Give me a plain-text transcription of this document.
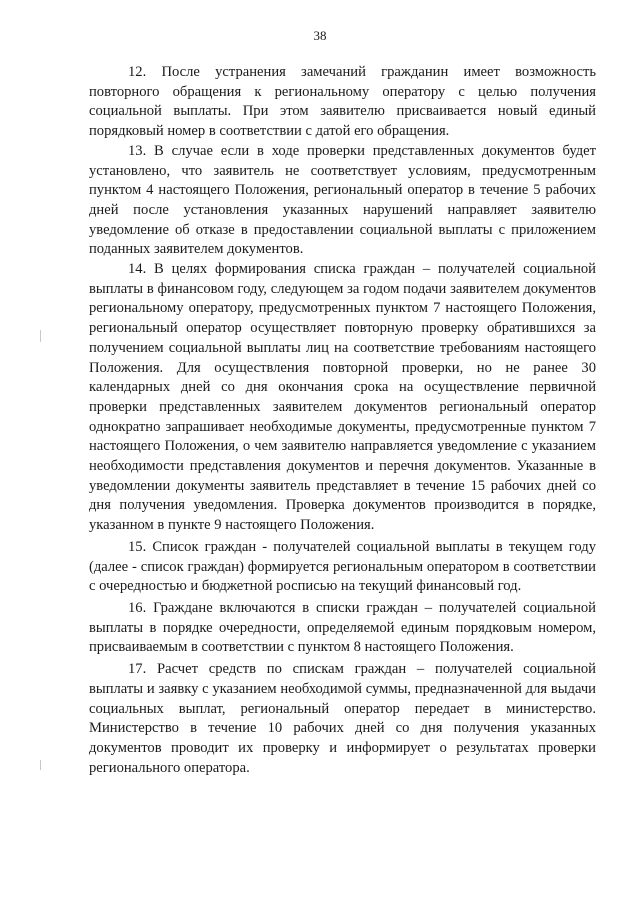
38

12. После устранения замечаний гражданин имеет возможность повторного обращения к региональному оператору с целью получения социальной выплаты. При этом заявителю присваивается новый единый порядковый номер в соответствии с датой его обращения.

13. В случае если в ходе проверки представленных документов будет установлено, что заявитель не соответствует условиям, предусмотренным пунктом 4 настоящего Положения, региональный оператор в течение 5 рабочих дней после установления указанных нарушений направляет заявителю уведомление об отказе в предоставлении социальной выплаты с приложением поданных заявителем документов.

14. В целях формирования списка граждан – получателей социальной выплаты в финансовом году, следующем за годом подачи заявителем документов региональному оператору, предусмотренных пунктом 7 настоящего Положения, региональный оператор осуществляет повторную проверку обратившихся за получением социальной выплаты лиц на соответствие требованиям настоящего Положения. Для осуществления повторной проверки, но не ранее 30 календарных дней со дня окончания срока на осуществление первичной проверки представленных заявителем документов региональный оператор однократно запрашивает необходимые документы, предусмотренные пунктом 7 настоящего Положения, о чем заявителю направляется уведомление с указанием необходимости представления документов и перечня документов. Указанные в уведомлении документы заявитель представляет в течение 15 рабочих дней со дня получения уведомления. Проверка документов производится в порядке, указанном в пункте 9 настоящего Положения.

15. Список граждан - получателей социальной выплаты в текущем году (далее - список граждан) формируется региональным оператором в соответствии с очередностью и бюджетной росписью на текущий финансовый год.

16. Граждане включаются в списки граждан – получателей социальной выплаты в порядке очередности, определяемой единым порядковым номером, присваиваемым в соответствии с пунктом 8 настоящего Положения.

17. Расчет средств по спискам граждан – получателей социальной выплаты и заявку с указанием необходимой суммы, предназначенной для выдачи социальных выплат, региональный оператор передает в министерство. Министерство в течение 10 рабочих дней со дня получения указанных документов проводит их проверку и информирует о результатах проверки регионального оператора.
